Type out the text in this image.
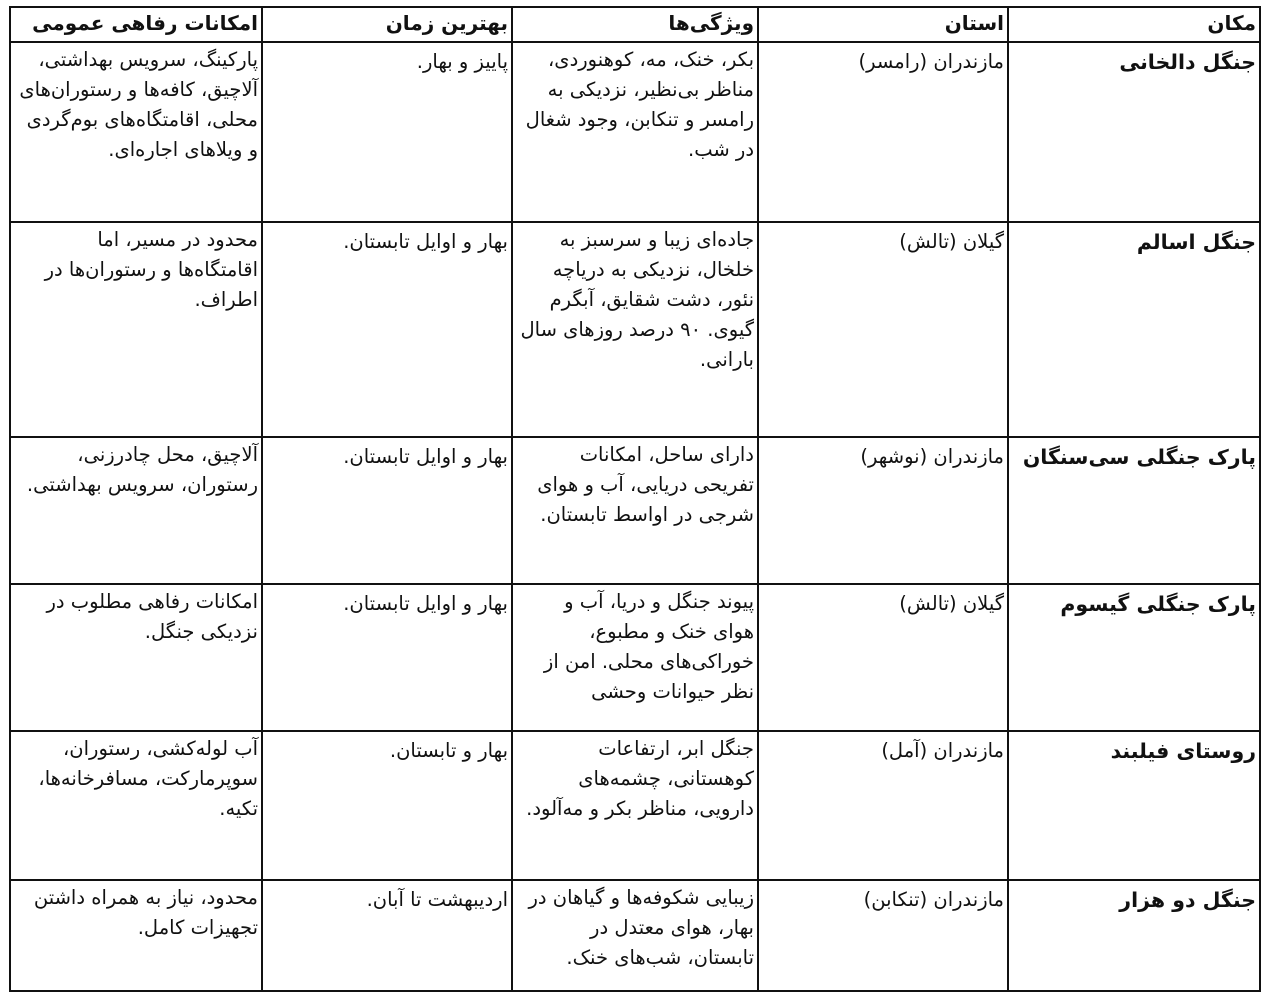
مکان	استان	ویژگی‌ها	بهترین زمان	امکانات رفاهی عمومی
جنگل دالخانی	مازندران (رامسر)	بکر، خنک، مه، کوهنوردی، مناظر بی‌نظیر، نزدیکی به رامسر و تنکابن، وجود شغال در شب.	پاییز و بهار.	پارکینگ، سرویس بهداشتی، آلاچیق، کافه‌ها و رستوران‌های محلی، اقامتگاه‌های بوم‌گردی و ویلاهای اجاره‌ای.
جنگل اسالم	گیلان (تالش)	جاده‌ای زیبا و سرسبز به خلخال، نزدیکی به دریاچه نئور، دشت شقایق، آبگرم گیوی. ۹۰ درصد روزهای سال بارانی.	بهار و اوایل تابستان.	محدود در مسیر، اما اقامتگاه‌ها و رستوران‌ها در اطراف.
پارک جنگلی سی‌سنگان	مازندران (نوشهر)	دارای ساحل، امکانات تفریحی دریایی، آب و هوای شرجی در اواسط تابستان.	بهار و اوایل تابستان.	آلاچیق، محل چادرزنی، رستوران، سرویس بهداشتی.
پارک جنگلی گیسوم	گیلان (تالش)	پیوند جنگل و دریا، آب و هوای خنک و مطبوع، خوراکی‌های محلی. امن از نظر حیوانات وحشی	بهار و اوایل تابستان.	امکانات رفاهی مطلوب در نزدیکی جنگل.
روستای فیلبند	مازندران (آمل)	جنگل ابر، ارتفاعات کوهستانی، چشمه‌های دارویی، مناظر بکر و مه‌آلود.	بهار و تابستان.	آب لوله‌کشی، رستوران، سوپرمارکت، مسافرخانه‌ها، تکیه.
جنگل دو هزار	مازندران (تنکابن)	زیبایی شکوفه‌ها و گیاهان در بهار، هوای معتدل در تابستان، شب‌های خنک.	اردیبهشت تا آبان.	محدود، نیاز به همراه داشتن تجهیزات کامل.
